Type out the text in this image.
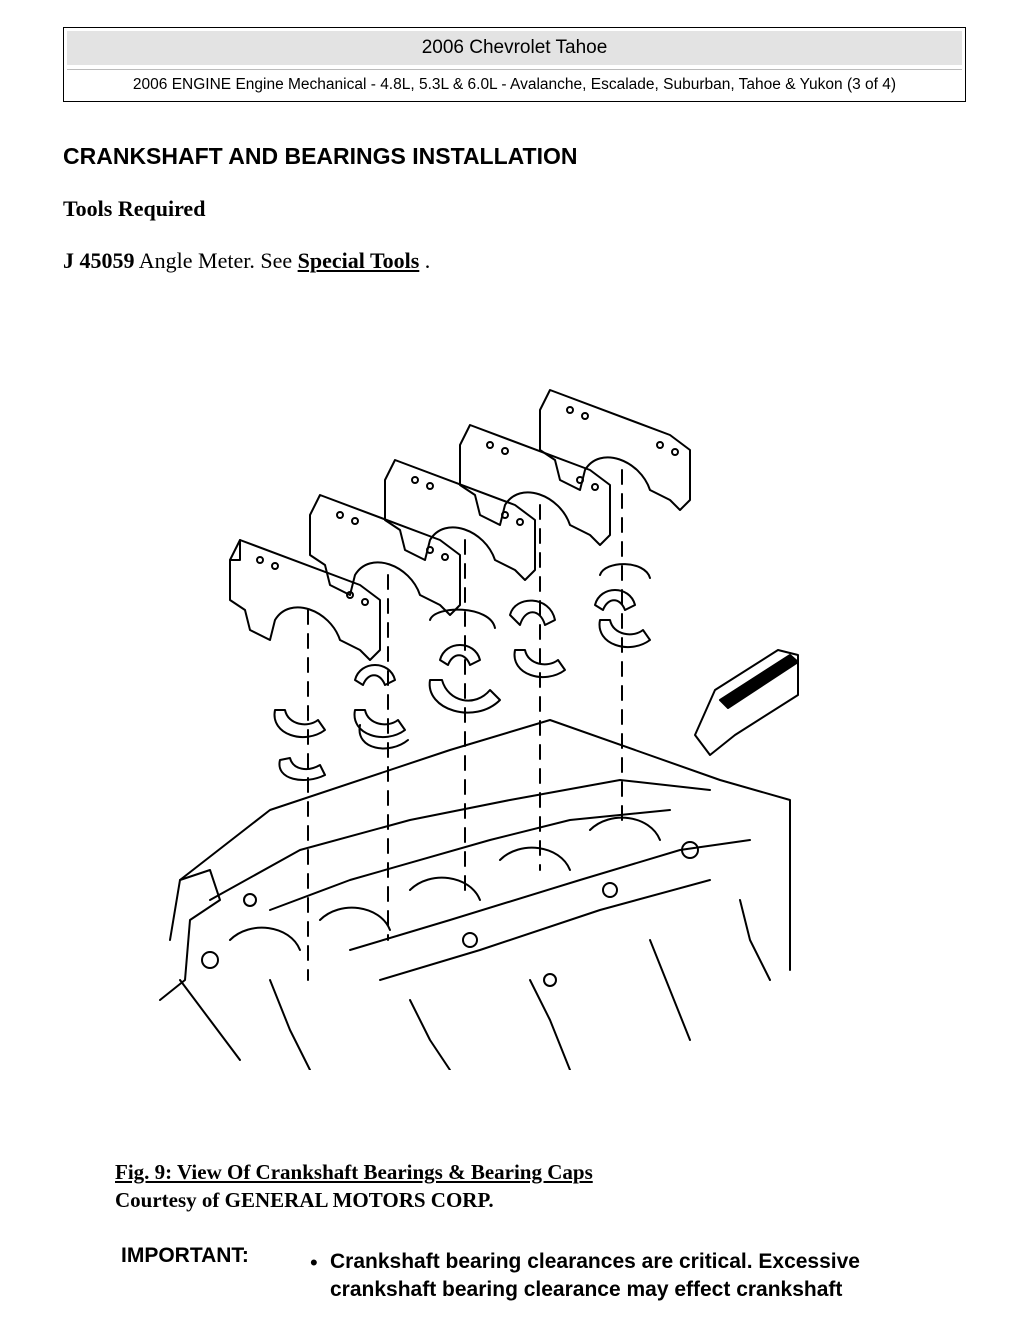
2006 Chevrolet Tahoe
2006 ENGINE Engine Mechanical - 4.8L, 5.3L & 6.0L - Avalanche, Escalade, Suburban, Tahoe & Yukon (3 of 4)
CRANKSHAFT AND BEARINGS INSTALLATION
Tools Required
J 45059 Angle Meter. See Special Tools .
Fig. 9: View Of Crankshaft Bearings & Bearing Caps
Courtesy of GENERAL MOTORS CORP.
IMPORTANT:	• Crankshaft bearing clearances are critical. Excessive crankshaft bearing clearance may effect crankshaft
